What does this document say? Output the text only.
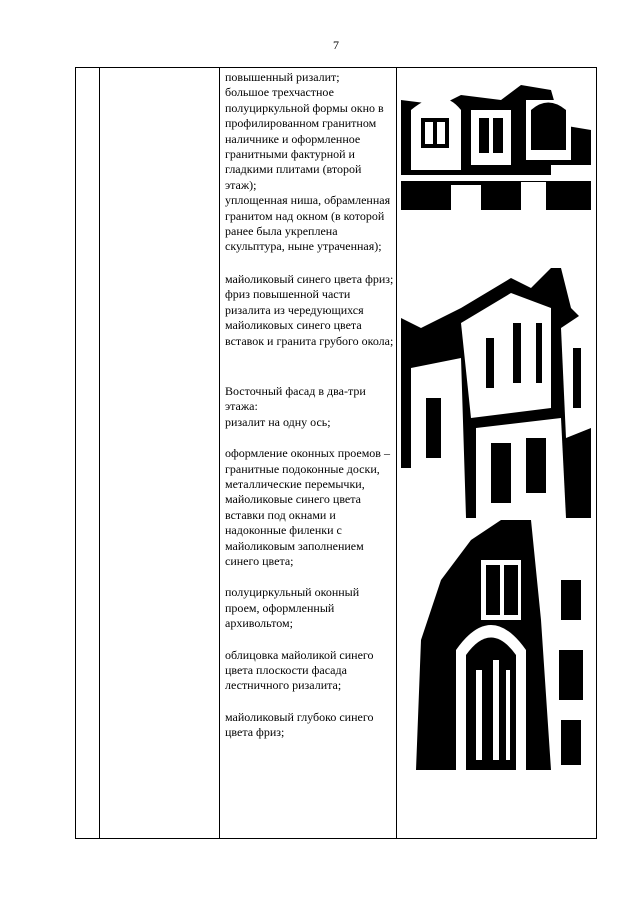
7

повышенный ризалит;
большое трехчастное полуциркульной формы окно в профилированном гранитном наличнике и оформленное гранитными фактурной и гладкими плитами (второй этаж);
уплощенная ниша, обрамленная гранитом над окном (в которой ранее была укреплена скульптура, ныне утраченная);

майоликовый синего цвета фриз;
фриз повышенной части ризалита из чередующихся майоликовых синего цвета вставок и гранита грубого окола;

Восточный фасад в два-три этажа:
ризалит на одну ось;

оформление оконных проемов – гранитные подоконные доски, металлические перемычки, майоликовые синего цвета вставки под окнами и надоконные филенки с майоликовым заполнением синего цвета;

полуциркульный оконный проем, оформленный архивольтом;

облицовка майоликой синего цвета плоскости фасада лестничного ризалита;

майоликовый глубоко синего цвета фриз;
